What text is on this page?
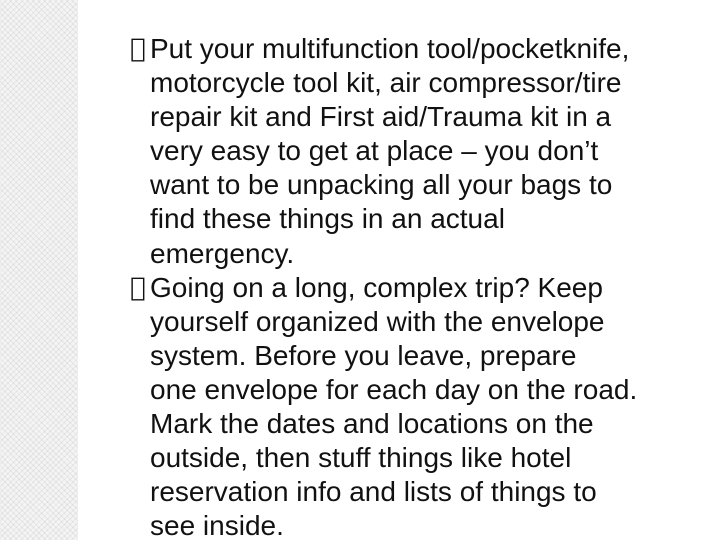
Put your multifunction tool/pocketknife,
motorcycle tool kit, air compressor/tire
repair kit and First aid/Trauma kit in a
very easy to get at place – you don’t
want to be unpacking all your bags to
find these things in an actual
emergency.
Going on a long, complex trip? Keep
yourself organized with the envelope
system. Before you leave, prepare
one envelope for each day on the road.
Mark the dates and locations on the
outside, then stuff things like hotel
reservation info and lists of things to
see inside.
